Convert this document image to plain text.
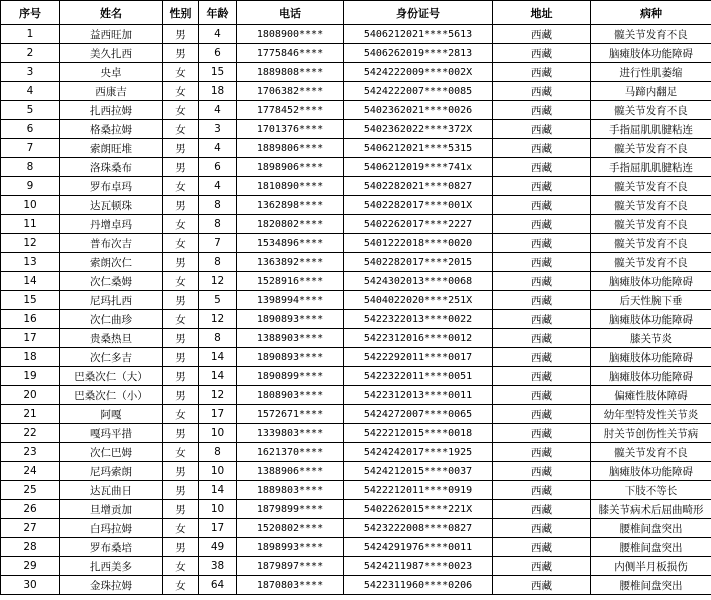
序号	姓名	性别	年龄	电话	身份证号	地址	病种
1	益西旺加	男	4	1808900****	5406212021****5613	西藏	髋关节发育不良
2	美久扎西	男	6	1775846****	5406262019****2813	西藏	脑瘫肢体功能障碍
3	央卓	女	15	1889808****	5424222009****002X	西藏	进行性肌萎缩
4	西康吉	女	18	1706382****	5424222007****0085	西藏	马蹄内翻足
5	扎西拉姆	女	4	1778452****	5402362021****0026	西藏	髋关节发育不良
6	格桑拉姆	女	3	1701376****	5402362022****372X	西藏	手指屈肌肌腱粘连
7	索朗旺堆	男	4	1889806****	5406212021****5315	西藏	髋关节发育不良
8	洛珠桑布	男	6	1898906****	5406212019****741x	西藏	手指屈肌肌腱粘连
9	罗布卓玛	女	4	1810890****	5402282021****0827	西藏	髋关节发育不良
10	达瓦顿珠	男	8	1362898****	5402282017****001X	西藏	髋关节发育不良
11	丹增卓玛	女	8	1820802****	5402262017****2227	西藏	髋关节发育不良
12	普布次吉	女	7	1534896****	5401222018****0020	西藏	髋关节发育不良
13	索朗次仁	男	8	1363892****	5402282017****2015	西藏	髋关节发育不良
14	次仁桑姆	女	12	1528916****	5424302013****0068	西藏	脑瘫肢体功能障碍
15	尼玛扎西	男	5	1398994****	5404022020****251X	西藏	后天性腕下垂
16	次仁曲珍	女	12	1890893****	5422322013****0022	西藏	脑瘫肢体功能障碍
17	贵桑热旦	男	8	1388903****	5422312016****0012	西藏	膝关节炎
18	次仁多吉	男	14	1890893****	5422292011****0017	西藏	脑瘫肢体功能障碍
19	巴桑次仁（大）	男	14	1890899****	5422322011****0051	西藏	脑瘫肢体功能障碍
20	巴桑次仁（小）	男	12	1808903****	5422312013****0011	西藏	偏瘫性肢体障碍
21	阿嘎	女	17	1572671****	5424272007****0065	西藏	幼年型特发性关节炎
22	嘎玛平措	男	10	1339803****	5422212015****0018	西藏	肘关节创伤性关节病
23	次仁巴姆	女	8	1621370****	5424242017****1925	西藏	髋关节发育不良
24	尼玛索朗	男	10	1388906****	5424212015****0037	西藏	脑瘫肢体功能障碍
25	达瓦曲日	男	14	1889803****	5422212011****0919	西藏	下肢不等长
26	旦增贡加	男	10	1879899****	5402262015****221X	西藏	膝关节病术后屈曲畸形
27	白玛拉姆	女	17	1520802****	5423222008****0827	西藏	腰椎间盘突出
28	罗布桑培	男	49	1898993****	5424291976****0011	西藏	腰椎间盘突出
29	扎西美多	女	38	1879897****	5424211987****0023	西藏	内侧半月板损伤
30	金珠拉姆	女	64	1870803****	5422311960****0206	西藏	腰椎间盘突出
